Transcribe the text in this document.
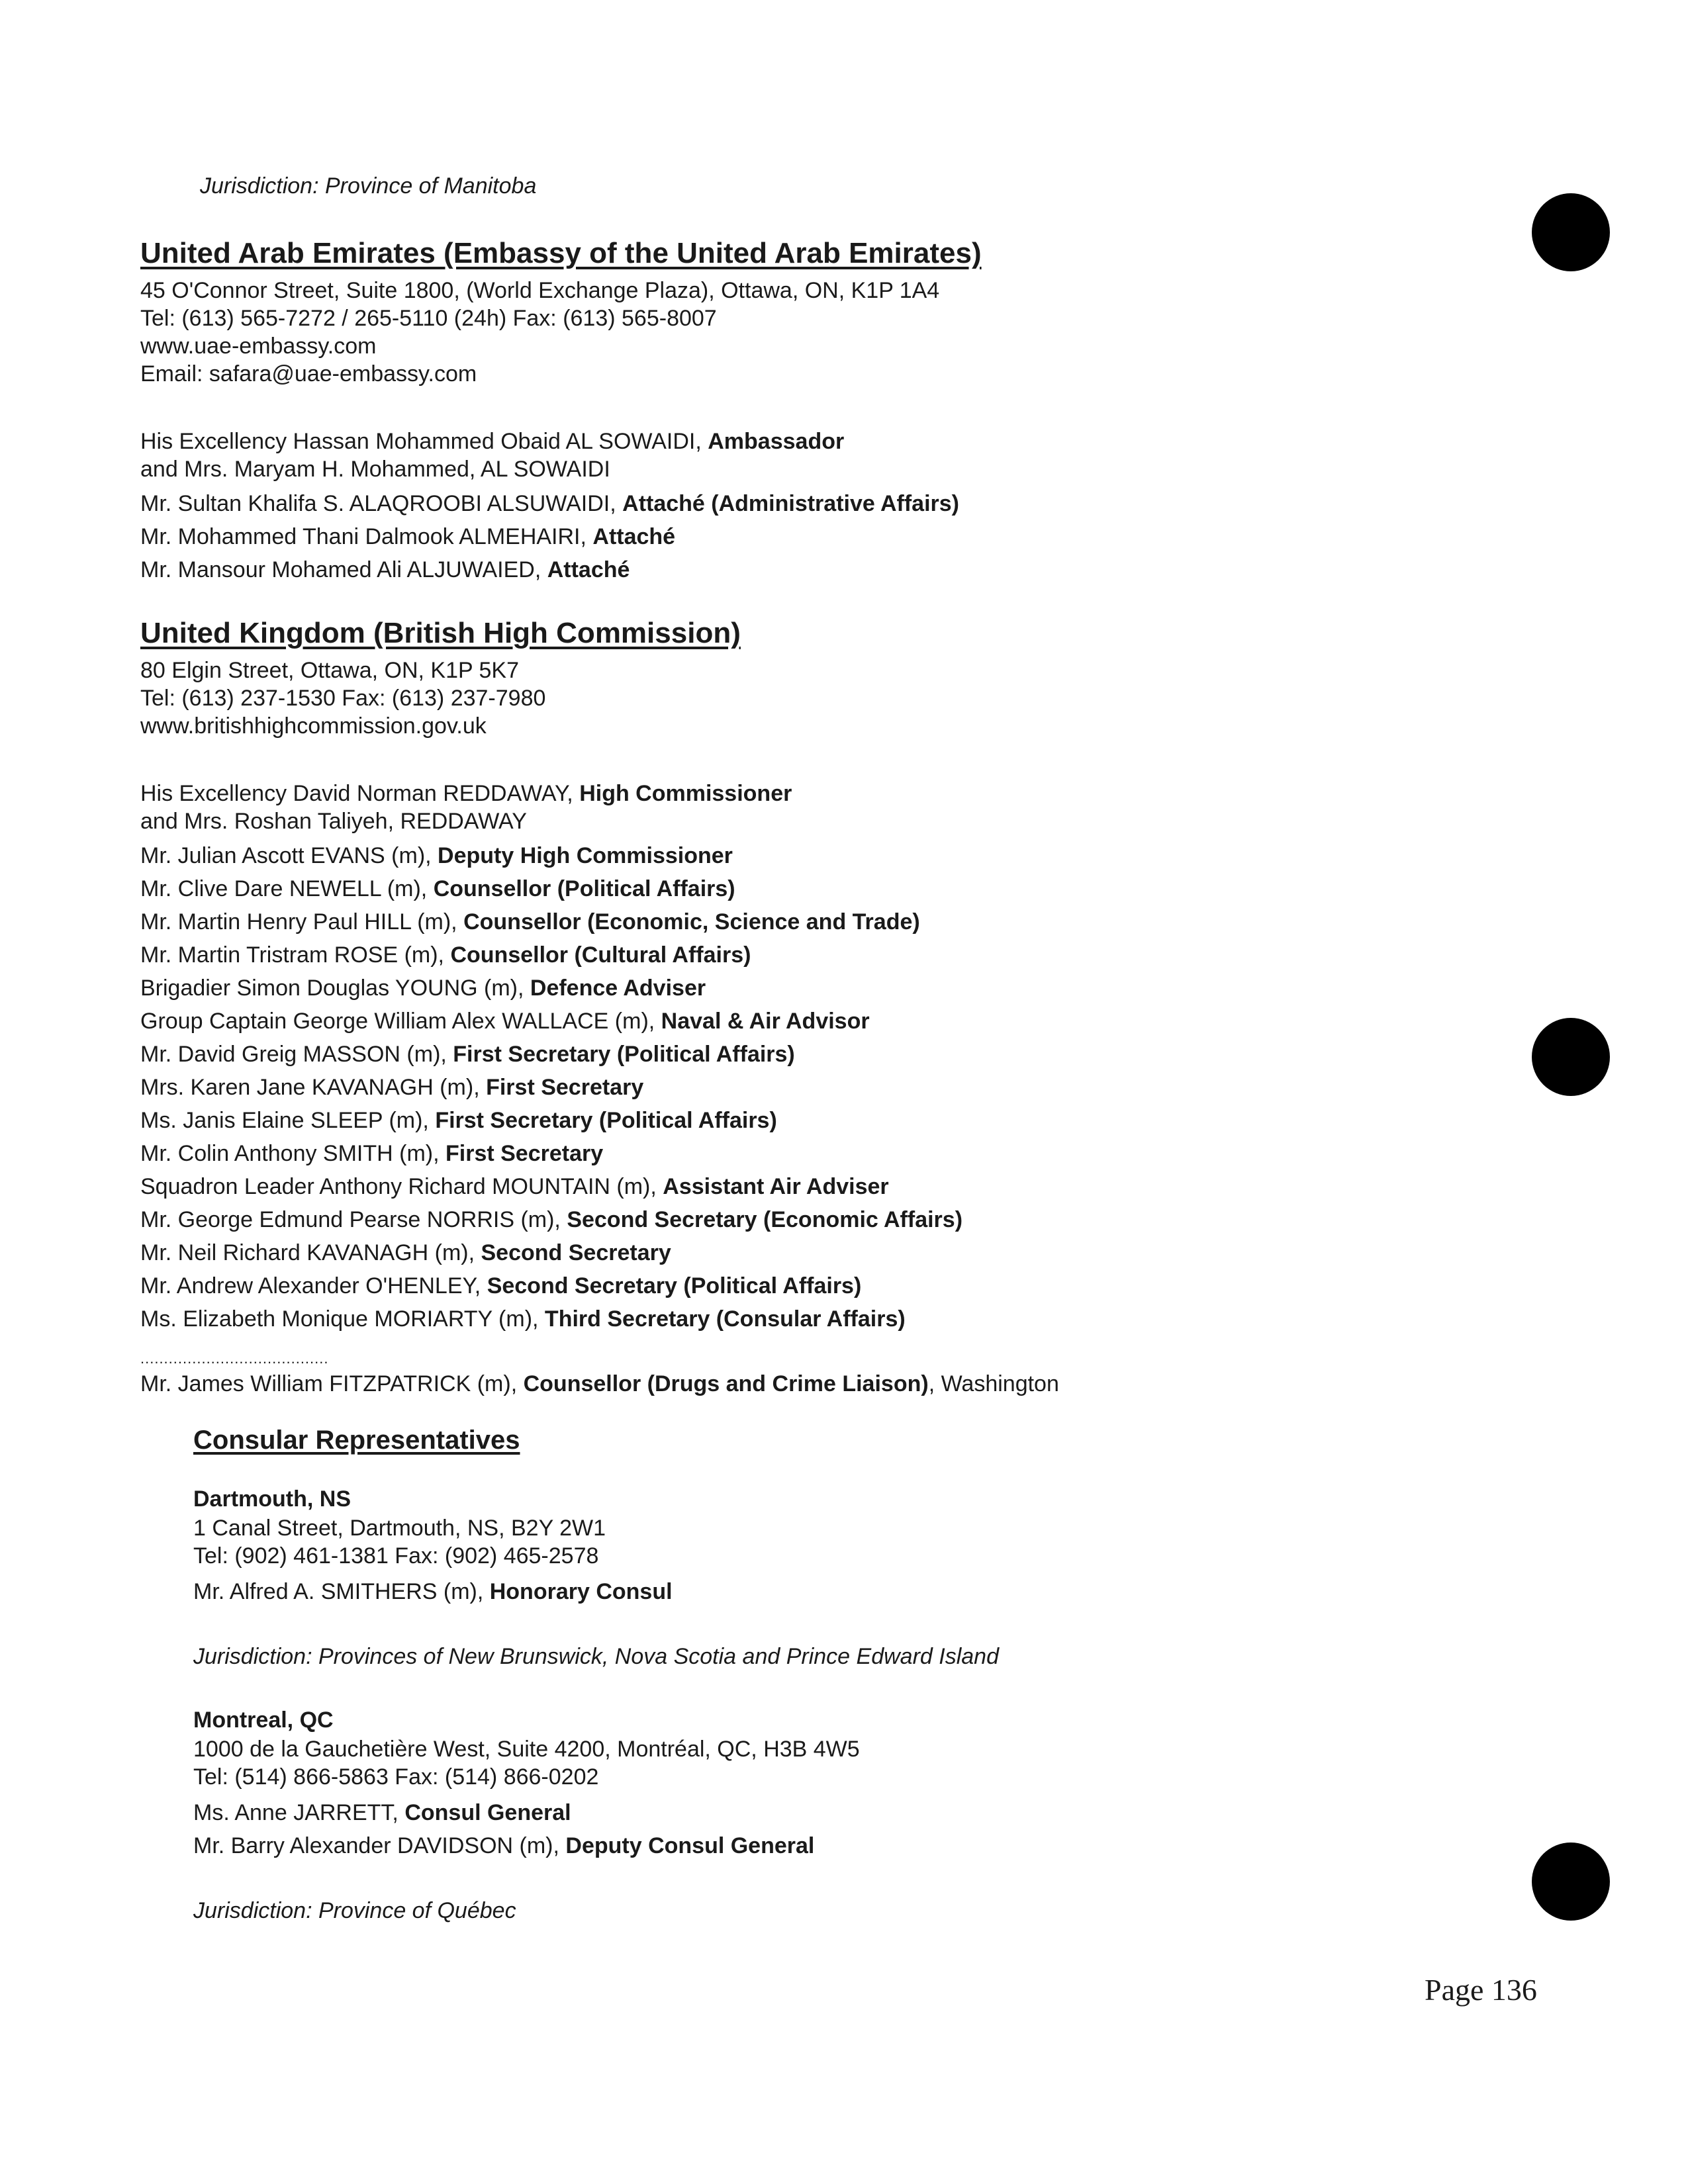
Jurisdiction: Province of Manitoba
United Arab Emirates (Embassy of the United Arab Emirates)
45 O'Connor Street, Suite 1800, (World Exchange Plaza), Ottawa, ON, K1P 1A4
Tel: (613) 565-7272 / 265-5110 (24h) Fax: (613) 565-8007
www.uae-embassy.com
Email: safara@uae-embassy.com
His Excellency Hassan Mohammed Obaid AL SOWAIDI, Ambassador
and Mrs. Maryam H. Mohammed, AL SOWAIDI
Mr. Sultan Khalifa S. ALAQROOBI ALSUWAIDI, Attaché (Administrative Affairs)
Mr. Mohammed Thani Dalmook ALMEHAIRI, Attaché
Mr. Mansour Mohamed Ali ALJUWAIED, Attaché
United Kingdom (British High Commission)
80 Elgin Street, Ottawa, ON, K1P 5K7
Tel: (613) 237-1530 Fax: (613) 237-7980
www.britishhighcommission.gov.uk
His Excellency David Norman REDDAWAY, High Commissioner
and Mrs. Roshan Taliyeh, REDDAWAY
Mr. Julian Ascott EVANS (m), Deputy High Commissioner
Mr. Clive Dare NEWELL (m), Counsellor (Political Affairs)
Mr. Martin Henry Paul HILL (m), Counsellor (Economic, Science and Trade)
Mr. Martin Tristram ROSE (m), Counsellor (Cultural Affairs)
Brigadier Simon Douglas YOUNG (m), Defence Adviser
Group Captain George William Alex WALLACE (m), Naval & Air Advisor
Mr. David Greig MASSON (m), First Secretary (Political Affairs)
Mrs. Karen Jane KAVANAGH (m), First Secretary
Ms. Janis Elaine SLEEP (m), First Secretary (Political Affairs)
Mr. Colin Anthony SMITH (m), First Secretary
Squadron Leader Anthony Richard MOUNTAIN (m), Assistant Air Adviser
Mr. George Edmund Pearse NORRIS (m), Second Secretary (Economic Affairs)
Mr. Neil Richard KAVANAGH (m), Second Secretary
Mr. Andrew Alexander O'HENLEY, Second Secretary (Political Affairs)
Ms. Elizabeth Monique MORIARTY (m), Third Secretary (Consular Affairs)
........................................
Mr. James William FITZPATRICK (m), Counsellor (Drugs and Crime Liaison), Washington
Consular Representatives
Dartmouth, NS
1 Canal Street, Dartmouth, NS, B2Y 2W1
Tel: (902) 461-1381 Fax: (902) 465-2578
Mr. Alfred A. SMITHERS (m), Honorary Consul
Jurisdiction: Provinces of New Brunswick, Nova Scotia and Prince Edward Island
Montreal, QC
1000 de la Gauchetière West, Suite 4200, Montréal, QC, H3B 4W5
Tel: (514) 866-5863 Fax: (514) 866-0202
Ms. Anne JARRETT, Consul General
Mr. Barry Alexander DAVIDSON (m), Deputy Consul General
Jurisdiction: Province of Québec
Page 136
